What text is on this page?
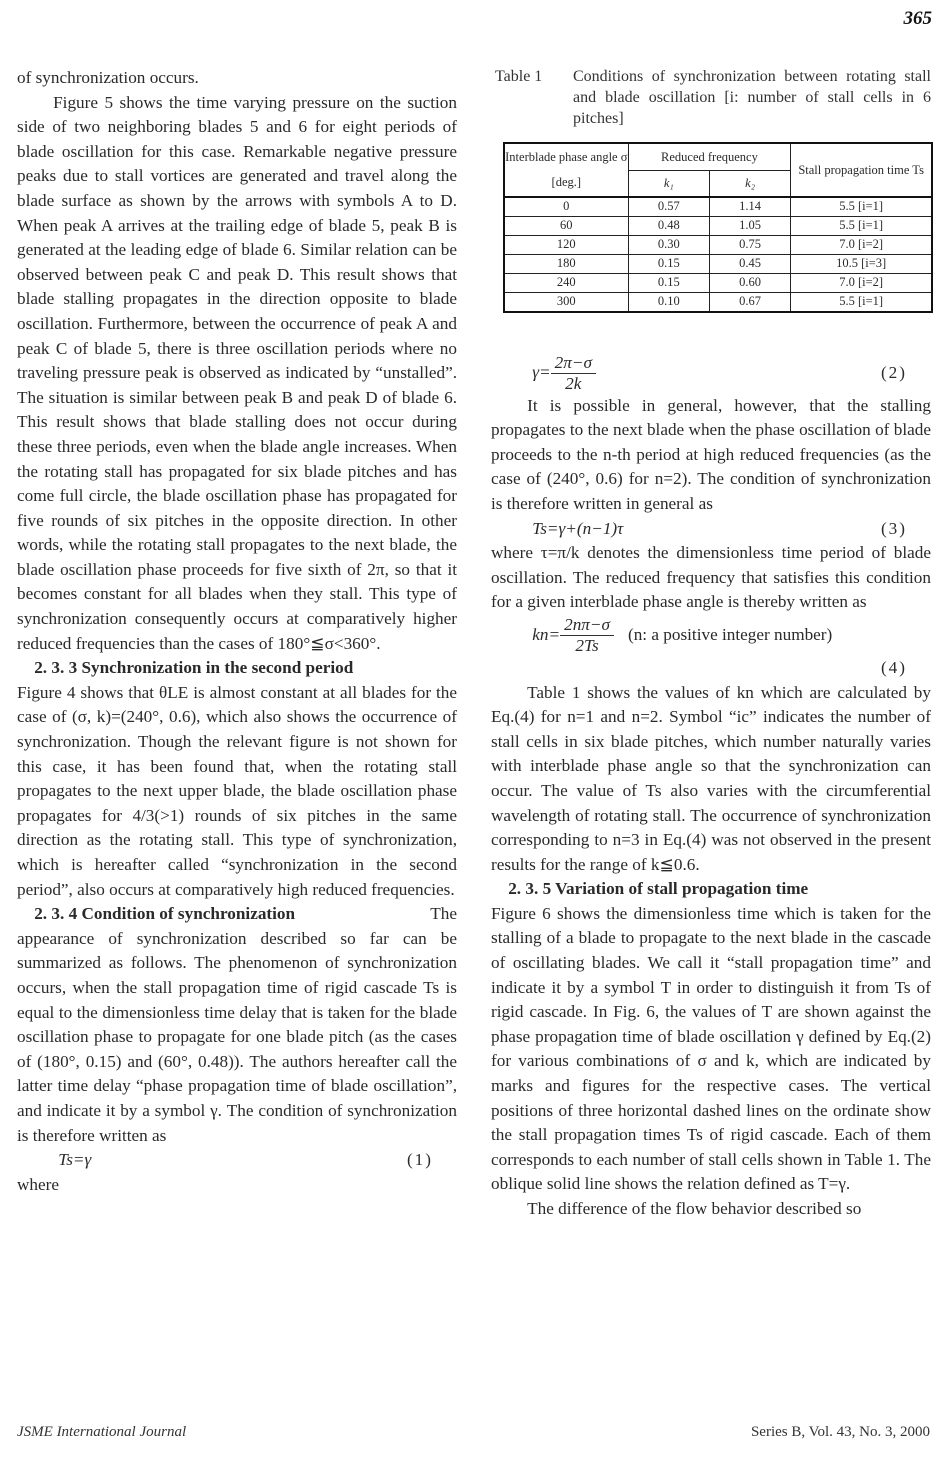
365

of synchronization occurs.

Figure 5 shows the time varying pressure on the suction side of two neighboring blades 5 and 6 for eight periods of blade oscillation for this case. Remarkable negative pressure peaks due to stall vortices are generated and travel along the blade surface as shown by the arrows with symbols A to D. When peak A arrives at the trailing edge of blade 5, peak B is generated at the leading edge of blade 6. Similar relation can be observed between peak C and peak D. This result shows that blade stalling propagates in the direction opposite to blade oscillation. Furthermore, between the occurrence of peak A and peak C of blade 5, there is three oscillation periods where no traveling pressure peak is observed as indicated by “unstalled”. The situation is similar between peak B and peak D of blade 6. This result shows that blade stalling does not occur during these three periods, even when the blade angle increases. When the rotating stall has propagated for six blade pitches and has come full circle, the blade oscillation phase has propagated for five rounds of six pitches in the opposite direction. In other words, while the rotating stall propagates to the next blade, the blade oscillation phase proceeds for five sixth of 2π, so that it becomes constant for all blades when they stall. This type of synchronization consequently occurs at comparatively higher reduced frequencies than the cases of 180°≦σ<360°.

2. 3. 3 Synchronization in the second period

Figure 4 shows that θLE is almost constant at all blades for the case of (σ, k)=(240°, 0.6), which also shows the occurrence of synchronization. Though the relevant figure is not shown for this case, it has been found that, when the rotating stall propagates to the next upper blade, the blade oscillation phase propagates for 4/3(>1) rounds of six pitches in the same direction as the rotating stall. This type of synchronization, which is hereafter called “synchronization in the second period”, also occurs at comparatively high reduced frequencies.

2. 3. 4 Condition of synchronization	The

appearance of synchronization described so far can be summarized as follows. The phenomenon of synchronization occurs, when the stall propagation time of rigid cascade Ts is equal to the dimensionless time delay that is taken for the blade oscillation phase to propagate for one blade pitch (as the cases of (180°, 0.15) and (60°, 0.48)). The authors hereafter call the latter time delay “phase propagation time of blade oscillation”, and indicate it by a symbol γ. The condition of synchronization is therefore written as

Ts=γ	(1)

where

Table 1	Conditions of synchronization between rotating stall and blade oscillation [i: number of stall cells in 6 pitches]
Interblade phase angle σ [deg.]	Reduced frequency		Stall propagation time Ts
	k₁	k₂	
0	0.57	1.14	5.5 [i=1]
60	0.48	1.05	5.5 [i=1]
120	0.30	0.75	7.0 [i=2]
180	0.15	0.45	10.5 [i=3]
240	0.15	0.60	7.0 [i=2]
300	0.10	0.67	5.5 [i=1]
$\gamma= \frac{2\pi-\sigma}{2k}$	(2)

It is possible in general, however, that the stalling propagates to the next blade when the phase oscillation of blade proceeds to the n-th period at high reduced frequencies (as the case of (240°, 0.6) for n=2). The condition of synchronization is therefore written in general as

Ts=γ+(n−1)τ	(3)

where τ=π/k denotes the dimensionless time period of blade oscillation. The reduced frequency that satisfies this condition for a given interblade phase angle is thereby written as

$kn= \frac{2n\pi-\sigma}{2Ts} (n$: a positive integer number)
(4)

Table 1 shows the values of kn which are calculated by Eq.(4) for n=1 and n=2. Symbol “ic” indicates the number of stall cells in six blade pitches, which number naturally varies with interblade phase angle so that the synchronization can occur. The value of Ts also varies with the circumferential wavelength of rotating stall. The occurrence of synchronization corresponding to n=3 in Eq.(4) was not observed in the present results for the range of k≦0.6.

2. 3. 5 Variation of stall propagation time

Figure 6 shows the dimensionless time which is taken for the stalling of a blade to propagate to the next blade in the cascade of oscillating blades. We call it “stall propagation time” and indicate it by a symbol T in order to distinguish it from Ts of rigid cascade. In Fig. 6, the values of T are shown against the phase propagation time of blade oscillation γ defined by Eq.(2) for various combinations of σ and k, which are indicated by marks and figures for the respective cases. The vertical positions of three horizontal dashed lines on the ordinate show the stall propagation times Ts of rigid cascade. Each of them corresponds to each number of stall cells shown in Table 1. The oblique solid line shows the relation defined as T=γ.

The difference of the flow behavior described so

JSME International Journal	Series B, Vol. 43, No. 3, 2000
